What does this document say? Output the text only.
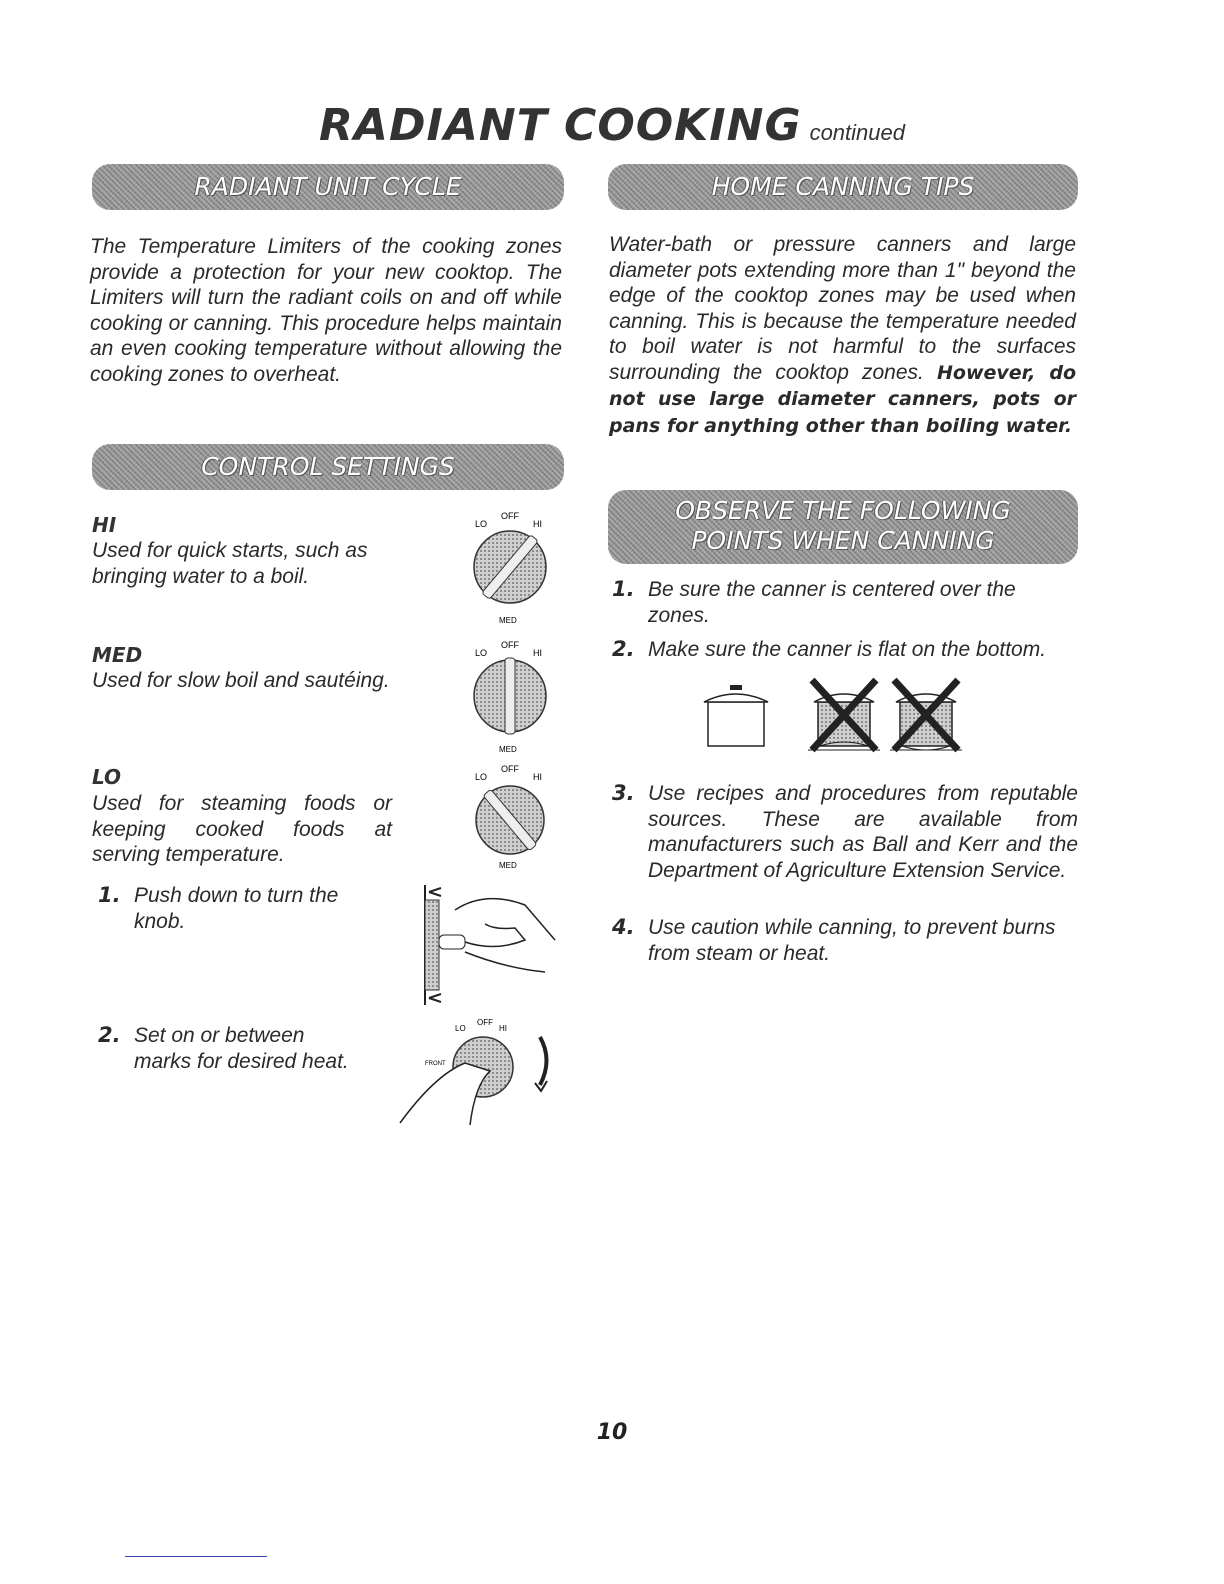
RADIANT COOKING continued
RADIANT UNIT CYCLE
The Temperature Limiters of the cooking zones provide a protection for your new cooktop. The Limiters will turn the radiant coils on and off while cooking or canning. This procedure helps maintain an even cooking temperature without allowing the cooking zones to overheat.
CONTROL SETTINGS
HI
Used for quick starts, such as bringing water to a boil.
MED
Used for slow boil and sautéing.
LO
Used for steaming foods or keeping cooked foods at serving temperature.
LO
OFF
HI
MED
LO
OFF
HI
MED
LO
OFF
HI
MED
1. Push down to turn the knob.
2. Set on or between marks for desired heat.	FRONT
LO
OFF
HI
HOME CANNING TIPS
Water-bath or pressure canners and large diameter pots extending more than 1" beyond the edge of the cooktop zones may be used when canning. This is because the temperature needed to boil water is not harmful to the surfaces surrounding the cooktop zones. However, do not use large diameter canners, pots or pans for anything other than boiling water.
OBSERVE THE FOLLOWING
POINTS WHEN CANNING
1. Be sure the canner is centered over the zones.
2. Make sure the canner is flat on the bottom.
3. Use recipes and procedures from reputable sources. These are available from manufacturers such as Ball and Kerr and the Department of Agriculture Extension Service.
4. Use caution while canning, to prevent burns from steam or heat.
10
